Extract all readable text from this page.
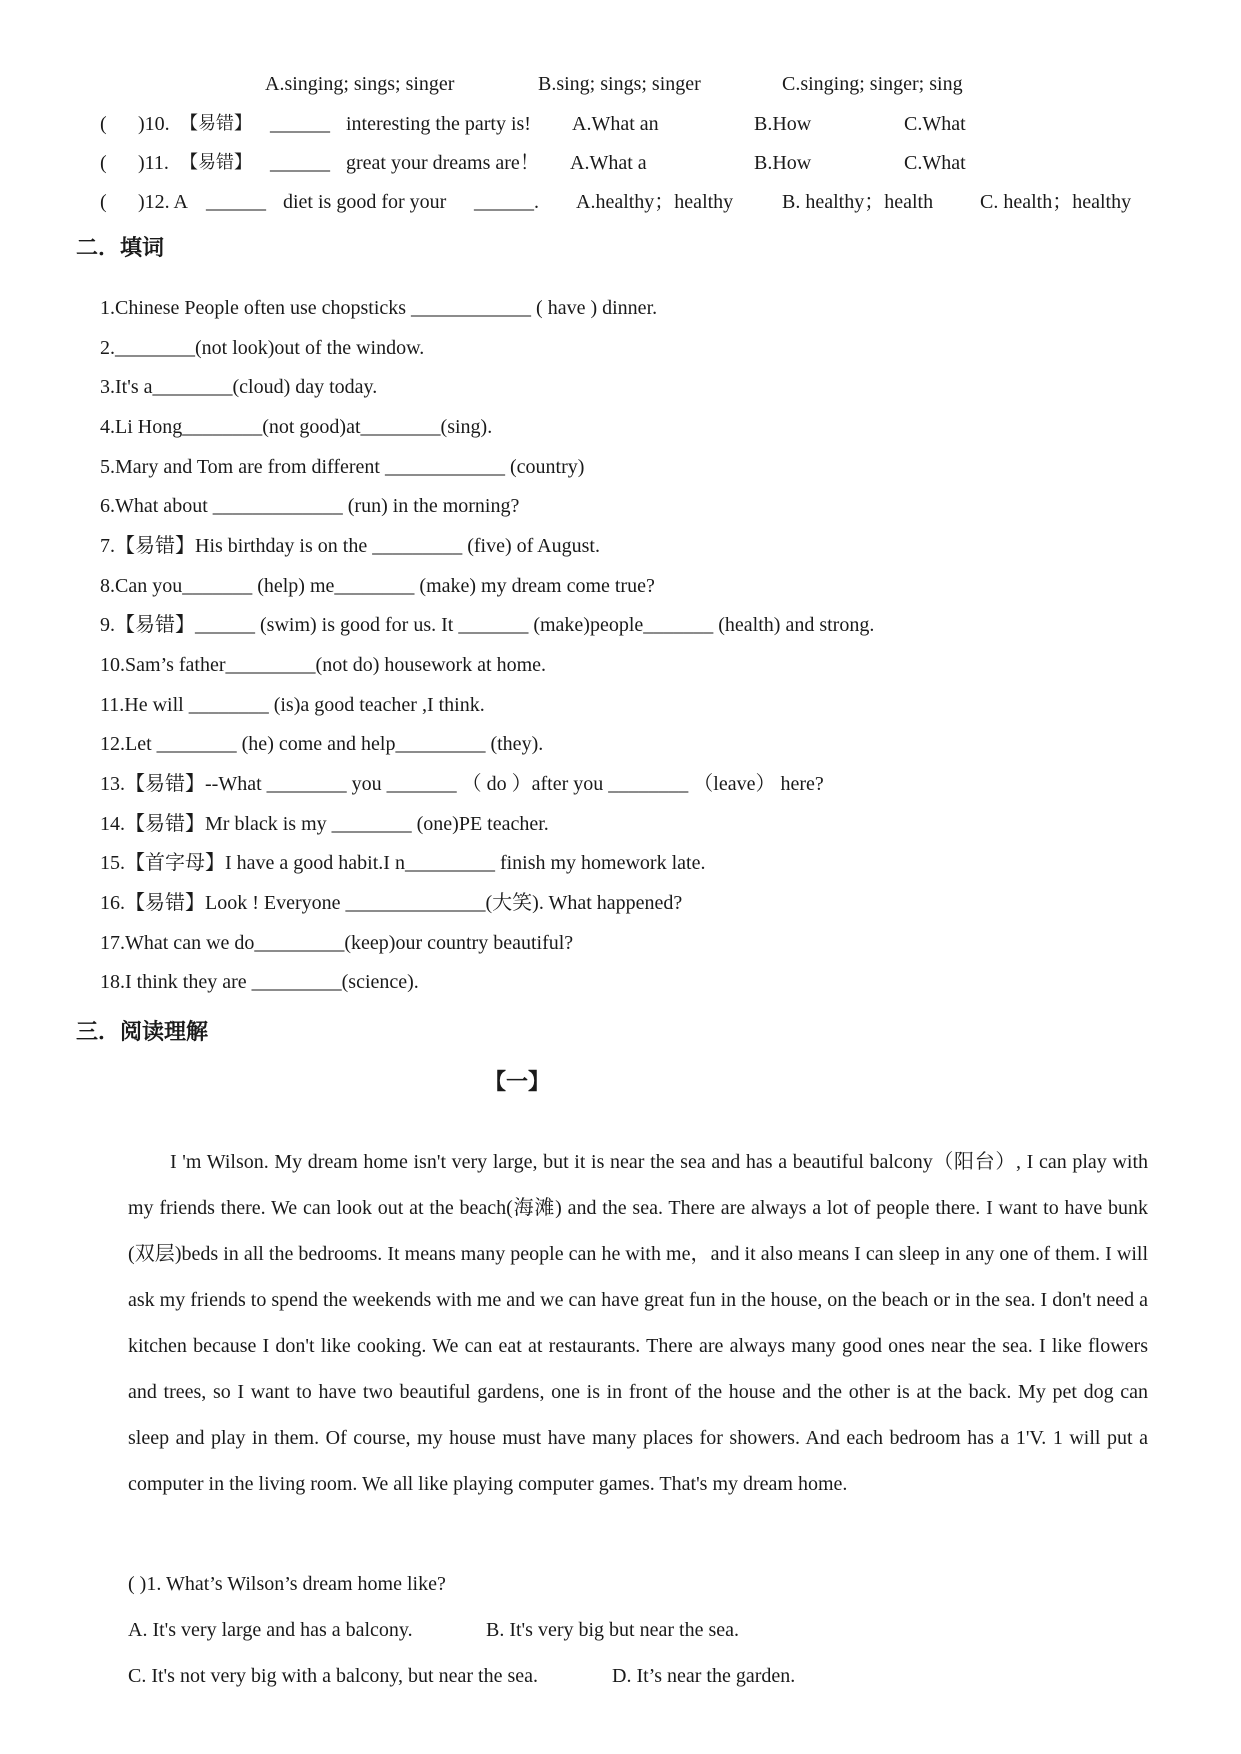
A.singing; sings; singer	B.sing; sings; singer	C.singing; singer; sing
( )10. 【易错】 ______ interesting the party is! A.What an	B.How	C.What
( )11. 【易错】 ______ great your dreams are！ A.What a	B.How	C.What
( )12. A ______ diet is good for your ______. A.healthy；healthy B. healthy；health C. health；healthy
二．填词
1.Chinese People often use chopsticks ____________ ( have ) dinner.
2.________(not look)out of the window.
3.It's a________(cloud) day today.
4.Li Hong________(not good)at________(sing).
5.Mary and Tom are from different ____________ (country)
6.What about _____________ (run) in the morning?
7.【易错】His birthday is on the _________ (five) of August.
8.Can you_______ (help) me________ (make) my dream come true?
9.【易错】______ (swim) is good for us. It _______ (make)people_______ (health) and strong.
10.Sam’s father_________(not do) housework at home.
11.He will ________ (is)a good teacher ,I think.
12.Let ________ (he) come and help_________ (they).
13.【易错】--What ________ you _______ （ do ）after you ________ （leave） here?
14.【易错】Mr black is my ________ (one)PE teacher.
15.【首字母】I have a good habit.I n_________ finish my homework late.
16.【易错】Look ! Everyone ______________(大笑). What happened?
17.What can we do_________(keep)our country beautiful?
18.I think they are _________(science).
三．阅读理解
【一】

I 'm Wilson. My dream home isn't very large, but it is near the sea and has a beautiful balcony（阳台）, I can play with my friends there. We can look out at the beach(海滩) and the sea. There are always a lot of people there. I want to have bunk (双层)beds in all the bedrooms. It means many people can he with me，and it also means I can sleep in any one of them. I will ask my friends to spend the weekends with me and we can have great fun in the house, on the beach or in the sea. I don't need a kitchen because I don't like cooking. We can eat at restaurants. There are always many good ones near the sea. I like flowers and trees, so I want to have two beautiful gardens, one is in front of the house and the other is at the back. My pet dog can sleep and play in them. Of course, my house must have many places for showers. And each bedroom has a 1'V. 1 will put a computer in the living room. We all like playing computer games. That's my dream home.

( )1. What’s Wilson’s dream home like?
A. It's very large and has a balcony.	B. It's very big but near the sea.
C. It's not very big with a balcony, but near the sea.	D. It’s near the garden.
